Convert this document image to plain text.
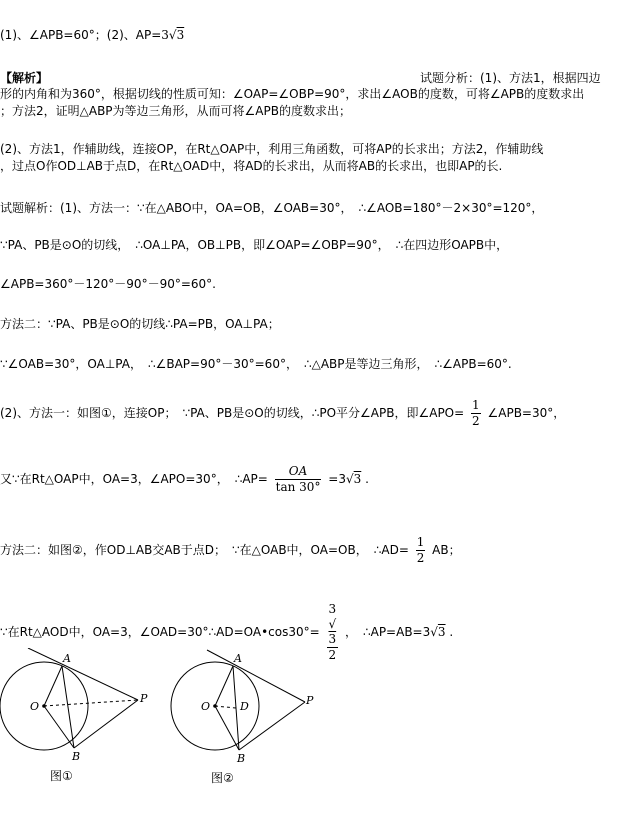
(1)、∠APB=60°；(2)、AP=3√3
【解析】	试题分析：(1)、方法1，根据四边
形的内角和为360°，根据切线的性质可知：∠OAP=∠OBP=90°，求出∠AOB的度数，可将∠APB的度数求出
；方法2，证明△ABP为等边三角形，从而可将∠APB的度数求出；
(2)、方法1，作辅助线，连接OP，在Rt△OAP中，利用三角函数，可将AP的长求出；方法2，作辅助线
，过点O作OD⊥AB于点D，在Rt△OAD中，将AD的长求出，从而将AB的长求出，也即AP的长.
试题解析：(1)、方法一：∵在△ABO中，OA=OB，∠OAB=30°，　∴∠AOB=180°－2×30°=120°，
∵PA、PB是⊙O的切线，　∴OA⊥PA，OB⊥PB，即∠OAP=∠OBP=90°，　∴在四边形OAPB中，
∠APB=360°－120°－90°－90°=60°.
方法二：∵PA、PB是⊙O的切线∴PA=PB，OA⊥PA；
∵∠OAB=30°，OA⊥PA，　∴∠BAP=90°－30°=60°，　∴△ABP是等边三角形，　∴∠APB=60°.
(2)、方法一：如图①，连接OP；　∵PA、PB是⊙O的切线，∴PO平分∠APB，即∠APO= $\frac{1}{2}$ ∠APB=30°，
又∵在Rt△OAP中，OA=3，∠APO=30°，　∴AP= $\frac{OA}{\tan 30^\circ} =3√3$ .
方法二：如图②，作OD⊥AB交AB于点D；　∵在△OAB中，OA=OB，　∴AD= $\frac{1}{2}$ AB；
∵在Rt△AOD中，OA=3，∠OAD=30°∴AD=OA•cos30°= 3
√
3
2 ，　∴AP=AB=3√3 .
A
B
O
P
图①
A
B
O	D	P
图②
